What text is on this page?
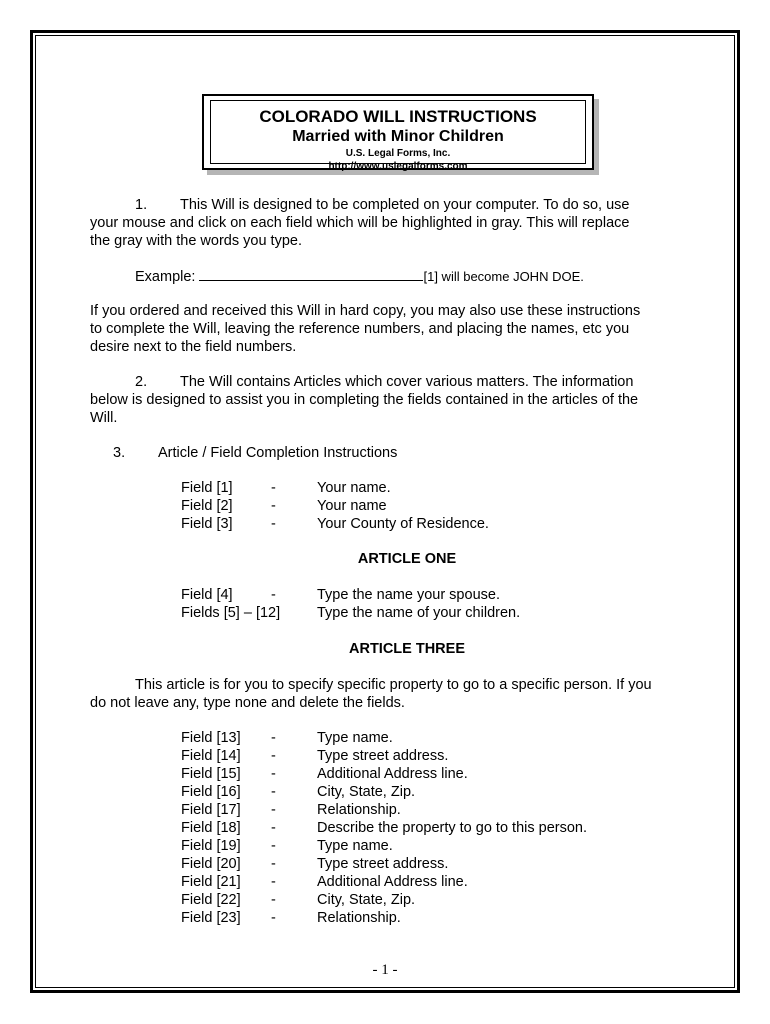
COLORADO WILL INSTRUCTIONS
Married with Minor Children
U.S. Legal Forms, Inc.
http://www.uslegalforms.com
1. This Will is designed to be completed on your computer. To do so, use
your mouse and click on each field which will be highlighted in gray. This will replace
the gray with the words you type.
Example:	[1] will become JOHN DOE.
If you ordered and received this Will in hard copy, you may also use these instructions
to complete the Will, leaving the reference numbers, and placing the names, etc you
desire next to the field numbers.
2. The Will contains Articles which cover various matters. The information
below is designed to assist you in completing the fields contained in the articles of the
Will.
3. Article / Field Completion Instructions
Field [1]	-	Your name.
Field [2]	-	Your name
Field [3]	-	Your County of Residence.
ARTICLE ONE
Field [4]	-	Type the name your spouse.
Fields [5] – [12]	Type the name of your children.
ARTICLE THREE
This article is for you to specify specific property to go to a specific person. If you
do not leave any, type none and delete the fields.
Field [13] -	Type name.
Field [14] -	Type street address.
Field [15] -	Additional Address line.
Field [16] -	City, State, Zip.
Field [17] -	Relationship.
Field [18] -	Describe the property to go to this person.
Field [19] -	Type name.
Field [20] -	Type street address.
Field [21] -	Additional Address line.
Field [22] -	City, State, Zip.
Field [23] -	Relationship.
- 1 -
